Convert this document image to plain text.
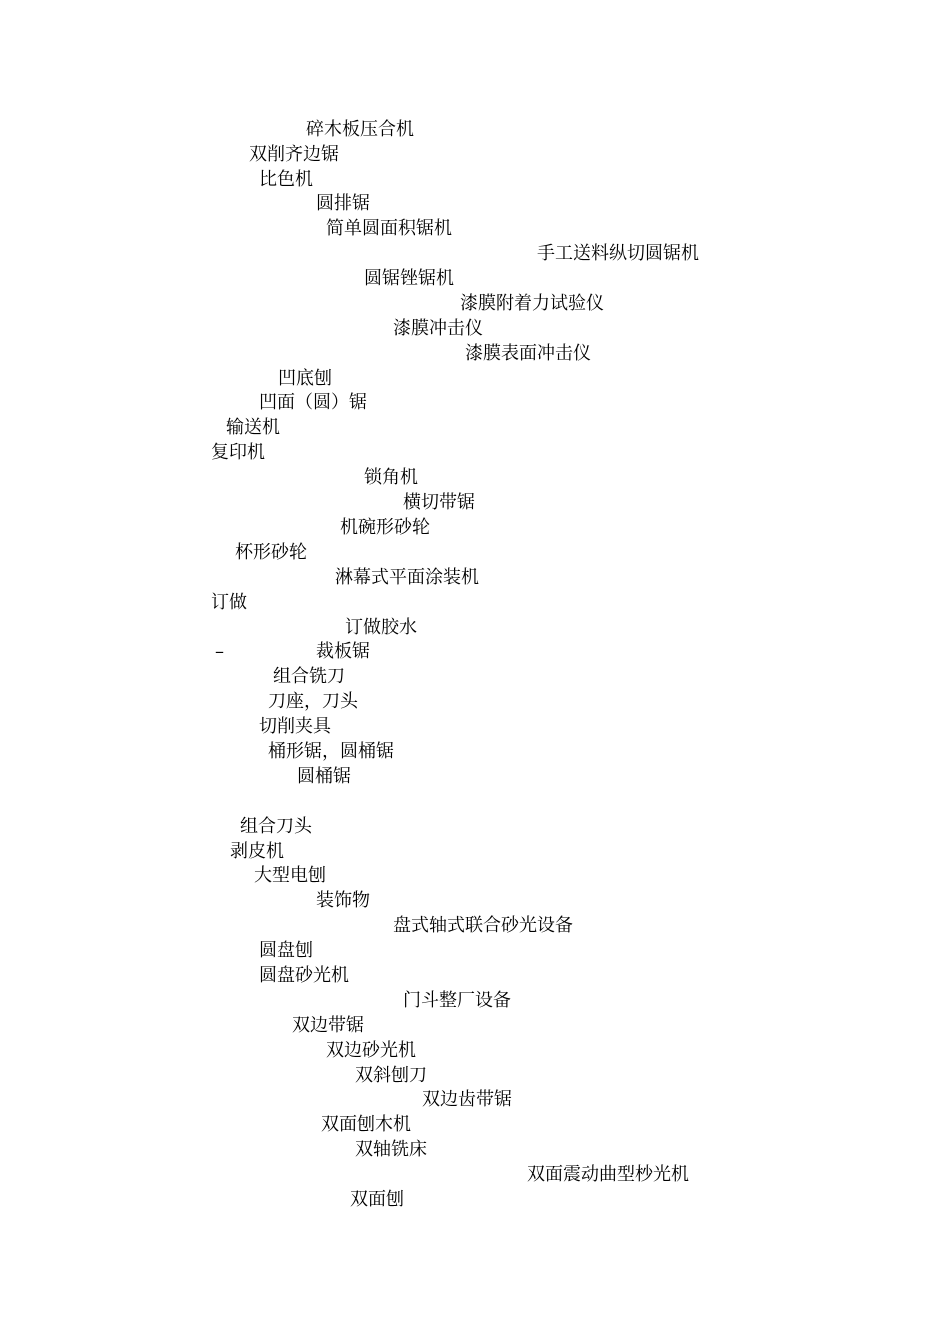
碎木板压合机
双削齐边锯
比色机
圆排锯
简单圆面积锯机
手工送料纵切圆锯机
圆锯锉锯机
漆膜附着力试验仪
漆膜冲击仪
漆膜表面冲击仪
凹底刨
凹面（圆）锯
输送机
复印机
锁角机
横切带锯
机碗形砂轮
杯形砂轮
淋幕式平面涂装机
订做
订做胶水
–	裁板锯
组合铣刀
刀座，刀头
切削夹具
桶形锯，圆桶锯
圆桶锯
组合刀头
剥皮机
大型电刨
装饰物
盘式轴式联合砂光设备
圆盘刨
圆盘砂光机
门斗整厂设备
双边带锯
双边砂光机
双斜刨刀
双边齿带锯
双面刨木机
双轴铣床
双面震动曲型杪光机
双面刨
